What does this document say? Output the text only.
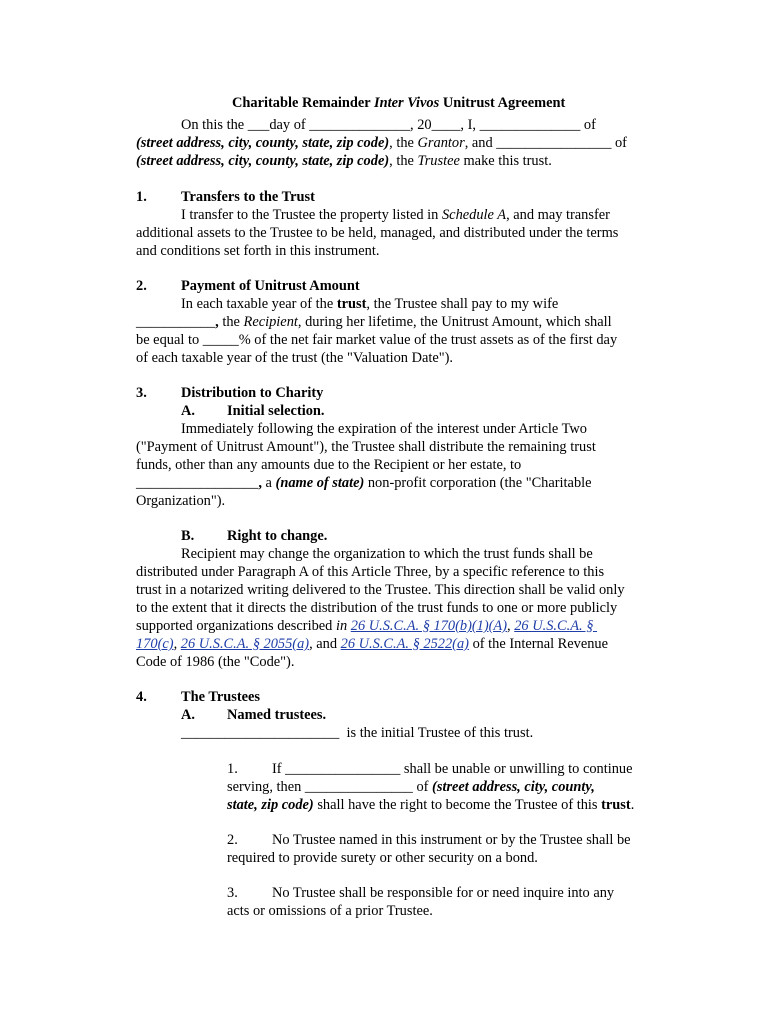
Charitable Remainder Inter Vivos Unitrust Agreement
On this the ___day of ______________, 20____, I, ______________ of
(street address, city, county, state, zip code), the Grantor, and ________________ of
(street address, city, county, state, zip code), the Trustee make this trust.
1. Transfers to the Trust
I transfer to the Trustee the property listed in Schedule A, and may transfer
additional assets to the Trustee to be held, managed, and distributed under the terms
and conditions set forth in this instrument.
2. Payment of Unitrust Amount
In each taxable year of the trust, the Trustee shall pay to my wife
___________, the Recipient, during her lifetime, the Unitrust Amount, which shall
be equal to _____% of the net fair market value of the trust assets as of the first day
of each taxable year of the trust (the "Valuation Date").
3. Distribution to Charity
A. Initial selection.
Immediately following the expiration of the interest under Article Two
("Payment of Unitrust Amount"), the Trustee shall distribute the remaining trust
funds, other than any amounts due to the Recipient or her estate, to
_________________, a (name of state) non-profit corporation (the "Charitable
Organization").
B. Right to change.
Recipient may change the organization to which the trust funds shall be
distributed under Paragraph A of this Article Three, by a specific reference to this
trust in a notarized writing delivered to the Trustee. This direction shall be valid only
to the extent that it directs the distribution of the trust funds to one or more publicly
supported organizations described in 26 U.S.C.A. § 170(b)(1)(A), 26 U.S.C.A. §
170(c), 26 U.S.C.A. § 2055(a), and 26 U.S.C.A. § 2522(a) of the Internal Revenue
Code of 1986 (the "Code").
4. The Trustees
A. Named trustees.
______________________  is the initial Trustee of this trust.
1. If ________________ shall be unable or unwilling to continue
serving, then _______________ of (street address, city, county,
state, zip code) shall have the right to become the Trustee of this trust.
2. No Trustee named in this instrument or by the Trustee shall be
required to provide surety or other security on a bond.
3. No Trustee shall be responsible for or need inquire into any
acts or omissions of a prior Trustee.
